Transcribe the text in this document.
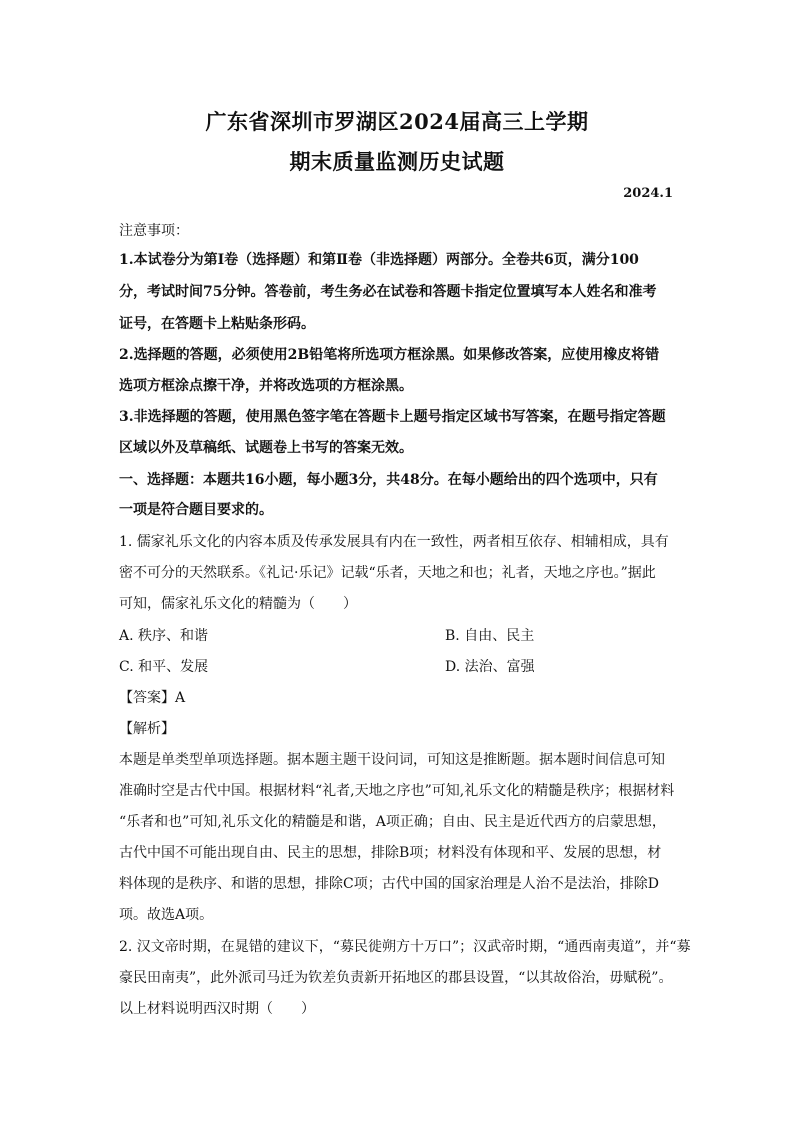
广东省深圳市罗湖区2024届高三上学期
期末质量监测历史试题
2024.1
注意事项：
1.本试卷分为第Ⅰ卷（选择题）和第Ⅱ卷（非选择题）两部分。全卷共6页，满分100
分，考试时间75分钟。答卷前，考生务必在试卷和答题卡指定位置填写本人姓名和准考
证号，在答题卡上粘贴条形码。
2.选择题的答题，必须使用2B铅笔将所选项方框涂黑。如果修改答案，应使用橡皮将错
选项方框涂点擦干净，并将改选项的方框涂黑。
3.非选择题的答题，使用黑色签字笔在答题卡上题号指定区域书写答案，在题号指定答题
区域以外及草稿纸、试题卷上书写的答案无效。
一、选择题：本题共16小题，每小题3分，共48分。在每小题给出的四个选项中，只有
一项是符合题目要求的。
1. 儒家礼乐文化的内容本质及传承发展具有内在一致性，两者相互依存、相辅相成，具有
密不可分的天然联系。《礼记·乐记》记载“乐者，天地之和也；礼者，天地之序也。”据此
可知，儒家礼乐文化的精髓为（　　）
A. 秩序、和谐	B. 自由、民主
C. 和平、发展	D. 法治、富强
【答案】A
【解析】
本题是单类型单项选择题。据本题主题干设问词，可知这是推断题。据本题时间信息可知
准确时空是古代中国。根据材料“礼者,天地之序也”可知,礼乐文化的精髓是秩序；根据材料
“乐者和也”可知,礼乐文化的精髓是和谐，A项正确；自由、民主是近代西方的启蒙思想，
古代中国不可能出现自由、民主的思想，排除B项；材料没有体现和平、发展的思想，材
料体现的是秩序、和谐的思想，排除C项；古代中国的国家治理是人治不是法治，排除D
项。故选A项。
2. 汉文帝时期，在晁错的建议下，“募民徙朔方十万口”；汉武帝时期，“通西南夷道”，并“募
豪民田南夷”，此外派司马迁为钦差负责新开拓地区的郡县设置，“以其故俗治，毋赋税”。
以上材料说明西汉时期（　　）
